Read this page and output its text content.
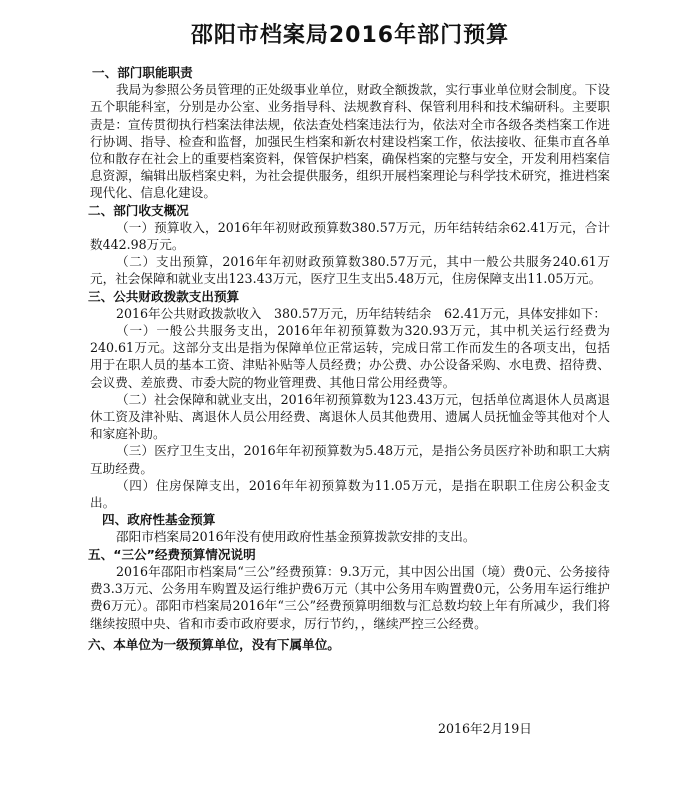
邵阳市档案局2016年部门预算
一、部门职能职责

我局为参照公务员管理的正处级事业单位，财政全额拨款，实行事业单位财会制度。下设五个职能科室，分别是办公室、业务指导科、法规教育科、保管利用科和技术编研科。主要职责是：宣传贯彻执行档案法律法规，依法查处档案违法行为，依法对全市各级各类档案工作进行协调、指导、检查和监督，加强民生档案和新农村建设档案工作，依法接收、征集市直各单位和散存在社会上的重要档案资料，保管保护档案，确保档案的完整与安全，开发利用档案信息资源，编辑出版档案史料，为社会提供服务，组织开展档案理论与科学技术研究，推进档案现代化、信息化建设。

二、部门收支概况

（一）预算收入，2016年年初财政预算数380.57万元，历年结转结余62.41万元，合计数442.98万元。

（二）支出预算，2016年年初财政预算数380.57万元，其中一般公共服务240.61万元，社会保障和就业支出123.43万元，医疗卫生支出5.48万元，住房保障支出11.05万元。

三、公共财政拨款支出预算

2016年公共财政拨款收入　380.57万元，历年结转结余　62.41万元，具体安排如下：

（一）一般公共服务支出，2016年年初预算数为320.93万元，其中机关运行经费为240.61万元。这部分支出是指为保障单位正常运转，完成日常工作而发生的各项支出，包括用于在职人员的基本工资、津贴补贴等人员经费；办公费、办公设备采购、水电费、招待费、会议费、差旅费、市委大院的物业管理费、其他日常公用经费等。

（二）社会保障和就业支出，2016年初预算数为123.43万元，包括单位离退休人员离退休工资及津补贴、离退休人员公用经费、离退休人员其他费用、遗属人员抚恤金等其他对个人和家庭补助。

（三）医疗卫生支出，2016年年初预算数为5.48万元，是指公务员医疗补助和职工大病互助经费。

（四）住房保障支出，2016年年初预算数为11.05万元，是指在职职工住房公积金支出。

四、政府性基金预算

邵阳市档案局2016年没有使用政府性基金预算拨款安排的支出。

五、“三公”经费预算情况说明

2016年邵阳市档案局“三公”经费预算：9.3万元，其中因公出国（境）费0元、公务接待费3.3万元、公务用车购置及运行维护费6万元（其中公务用车购置费0元，公务用车运行维护费6万元）。邵阳市档案局2016年“三公”经费预算明细数与汇总数均较上年有所减少，我们将继续按照中央、省和市委市政府要求，厉行节约，，继续严控三公经费。

六、本单位为一级预算单位，没有下属单位。
2016年2月19日
